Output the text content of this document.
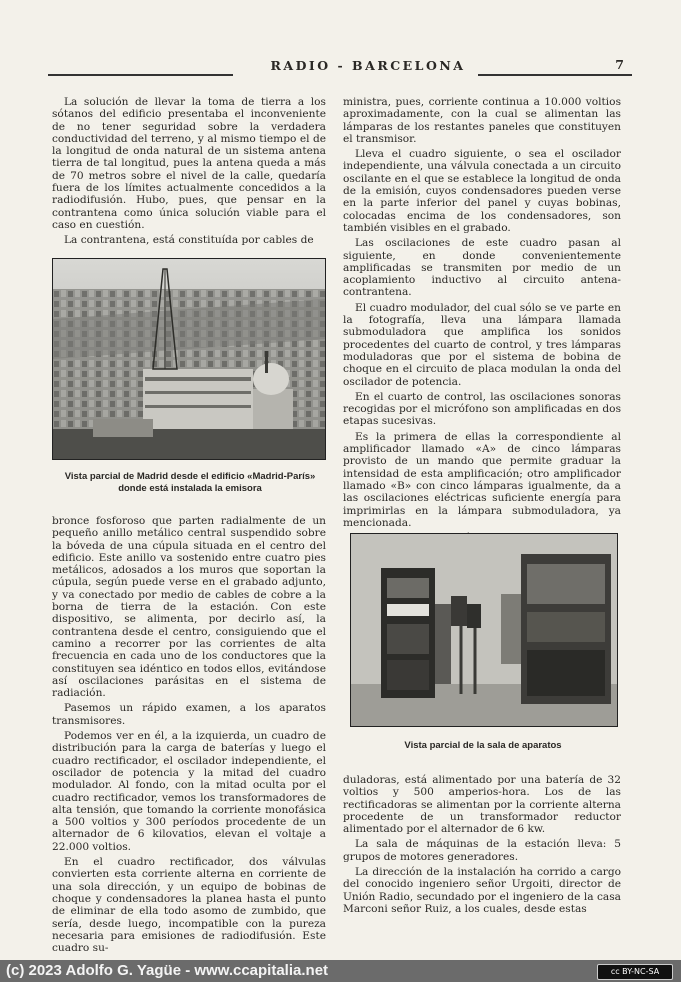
RADIO - BARCELONA	7

La solución de llevar la toma de tierra a los sótanos del edificio presentaba el inconveniente de no tener seguridad sobre la verdadera conductividad del terreno, y al mismo tiempo el de la longitud de onda natural de un sistema antena tierra de tal longitud, pues la antena queda a más de 70 metros sobre el nivel de la calle, quedaría fuera de los límites actualmente concedidos a la radiodifusión. Hubo, pues, que pensar en la contrantena como única solución viable para el caso en cuestión.

La contrantena, está constituída por cables de

Vista parcial de Madrid desde el edificio «Madrid-París» donde está instalada la emisora

bronce fosforoso que parten radialmente de un pequeño anillo metálico central suspendido sobre la bóveda de una cúpula situada en el centro del edificio. Este anillo va sostenido entre cuatro pies metálicos, adosados a los muros que soportan la cúpula, según puede verse en el grabado adjunto, y va conectado por medio de cables de cobre a la borna de tierra de la estación. Con este dispositivo, se alimenta, por decirlo así, la contrantena desde el centro, consiguiendo que el camino a recorrer por las corrientes de alta frecuencia en cada uno de los conductores que la constituyen sea idéntico en todos ellos, evitándose así oscilaciones parásitas en el sistema de radiación.

Pasemos un rápido examen, a los aparatos transmisores.

Podemos ver en él, a la izquierda, un cuadro de distribución para la carga de baterías y luego el cuadro rectificador, el oscilador independiente, el oscilador de potencia y la mitad del cuadro modulador. Al fondo, con la mitad oculta por el cuadro rectificador, vemos los transformadores de alta tensión, que tomando la corriente monofásica a 500 voltios y 300 períodos procedente de un alternador de 6 kilovatios, elevan el voltaje a 22.000 voltios.

En el cuadro rectificador, dos válvulas convierten esta corriente alterna en corriente de una sola dirección, y un equipo de bobinas de choque y condensadores la planea hasta el punto de eliminar de ella todo asomo de zumbido, que sería, desde luego, incompatible con la pureza necesaria para emisiones de radiodifusión. Este cuadro su-

ministra, pues, corriente continua a 10.000 voltios aproximadamente, con la cual se alimentan las lámparas de los restantes paneles que constituyen el transmisor.

Lleva el cuadro siguiente, o sea el oscilador independiente, una válvula conectada a un circuito oscilante en el que se establece la longitud de onda de la emisión, cuyos condensadores pueden verse en la parte inferior del panel y cuyas bobinas, colocadas encima de los condensadores, son también visibles en el grabado.

Las oscilaciones de este cuadro pasan al siguiente, en donde convenientemente amplificadas se transmiten por medio de un acoplamiento inductivo al circuito antena-contrantena.

El cuadro modulador, del cual sólo se ve parte en la fotografía, lleva una lámpara llamada submoduladora que amplifica los sonidos procedentes del cuarto de control, y tres lámparas moduladoras que por el sistema de bobina de choque en el circuito de placa modulan la onda del oscilador de potencia.

En el cuarto de control, las oscilaciones sonoras recogidas por el micrófono son amplificadas en dos etapas sucesivas.

Es la primera de ellas la correspondiente al amplificador llamado «A» de cinco lámparas provisto de un mando que permite graduar la intensidad de esta amplificación; otro amplificador llamado «B» con cinco lámparas igualmente, da a las oscilaciones eléctricas suficiente energía para imprimirlas en la lámpara submoduladora, ya mencionada.

Vista parcial de la sala de aparatos

duladoras, está alimentado por una batería de 32 voltios y 500 amperios-hora. Los de las rectificadoras se alimentan por la corriente alterna procedente de un transformador reductor alimentado por el alternador de 6 kw.

La sala de máquinas de la estación lleva: 5 grupos de motores generadores.

La dirección de la instalación ha corrido a cargo del conocido ingeniero señor Urgoiti, director de Unión Radio, secundado por el ingeniero de la casa Marconi señor Ruiz, a los cuales, desde estas

(c) 2023 Adolfo G. Yagüe - www.ccapitalia.net	cc BY-NC-SA
